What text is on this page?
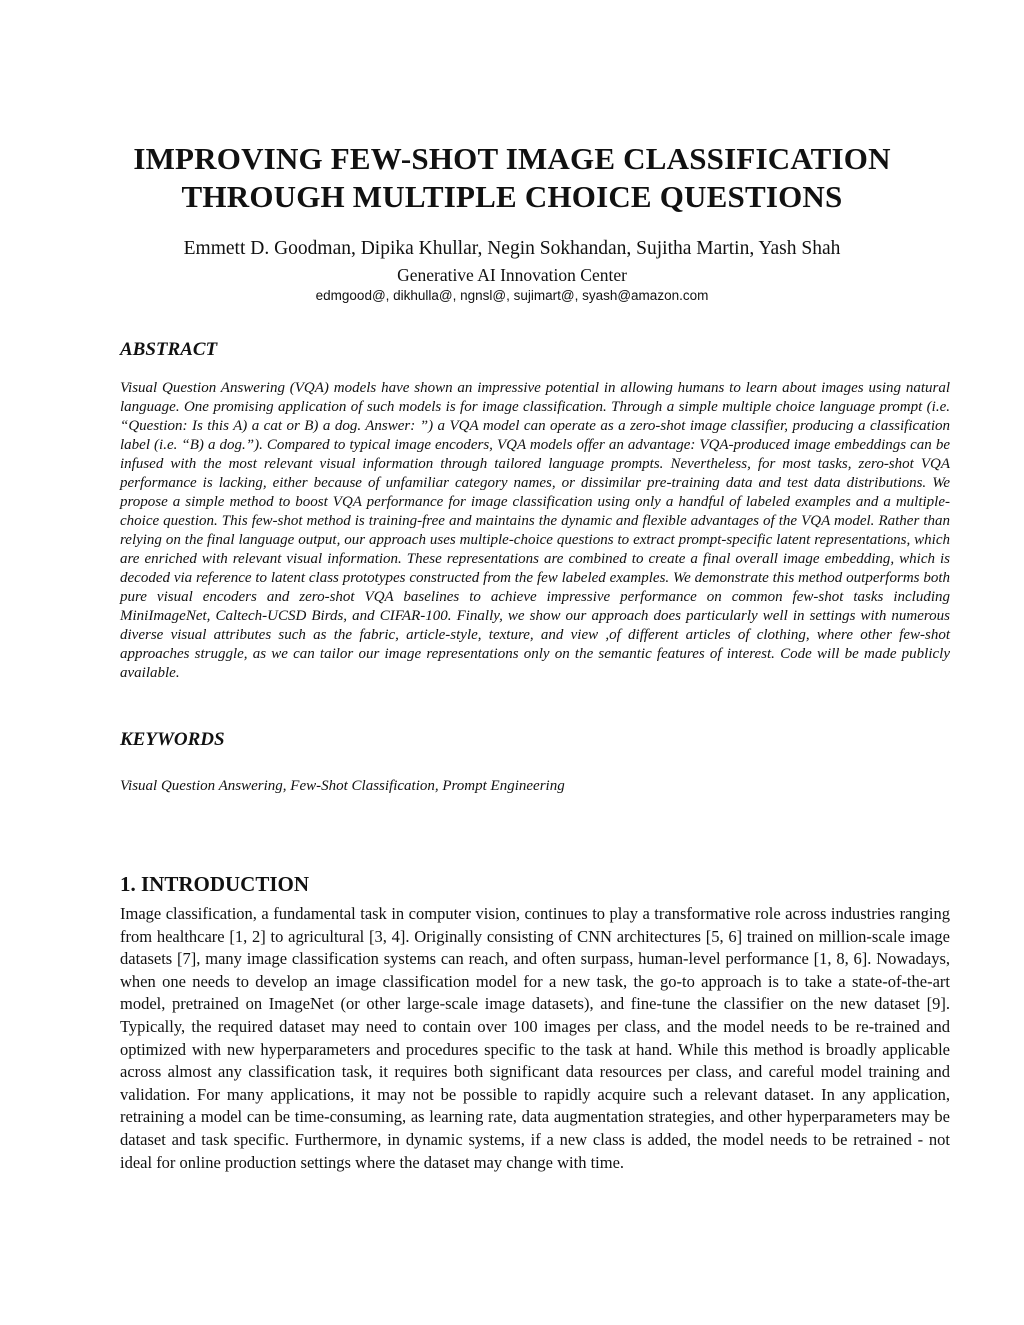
IMPROVING FEW-SHOT IMAGE CLASSIFICATION THROUGH MULTIPLE CHOICE QUESTIONS
Emmett D. Goodman, Dipika Khullar, Negin Sokhandan, Sujitha Martin, Yash Shah
Generative AI Innovation Center
edmgood@, dikhulla@, ngnsl@, sujimart@, syash@amazon.com
ABSTRACT
Visual Question Answering (VQA) models have shown an impressive potential in allowing humans to learn about images using natural language. One promising application of such models is for image classification. Through a simple multiple choice language prompt (i.e. “Question: Is this A) a cat or B) a dog. Answer: ”) a VQA model can operate as a zero-shot image classifier, producing a classification label (i.e. “B) a dog.”). Compared to typical image encoders, VQA models offer an advantage: VQA-produced image embeddings can be infused with the most relevant visual information through tailored language prompts. Nevertheless, for most tasks, zero-shot VQA performance is lacking, either because of unfamiliar category names, or dissimilar pre-training data and test data distributions. We propose a simple method to boost VQA performance for image classification using only a handful of labeled examples and a multiple-choice question. This few-shot method is training-free and maintains the dynamic and flexible advantages of the VQA model. Rather than relying on the final language output, our approach uses multiple-choice questions to extract prompt-specific latent representations, which are enriched with relevant visual information. These representations are combined to create a final overall image embedding, which is decoded via reference to latent class prototypes constructed from the few labeled examples. We demonstrate this method outperforms both pure visual encoders and zero-shot VQA baselines to achieve impressive performance on common few-shot tasks including MiniImageNet, Caltech-UCSD Birds, and CIFAR-100. Finally, we show our approach does particularly well in settings with numerous diverse visual attributes such as the fabric, article-style, texture, and view ,of different articles of clothing, where other few-shot approaches struggle, as we can tailor our image representations only on the semantic features of interest. Code will be made publicly available.
KEYWORDS
Visual Question Answering, Few-Shot Classification, Prompt Engineering
1. INTRODUCTION
Image classification, a fundamental task in computer vision, continues to play a transformative role across industries ranging from healthcare [1, 2] to agricultural [3, 4]. Originally consisting of CNN architectures [5, 6] trained on million-scale image datasets [7], many image classification systems can reach, and often surpass, human-level performance [1, 8, 6]. Nowadays, when one needs to develop an image classification model for a new task, the go-to approach is to take a state-of-the-art model, pretrained on ImageNet (or other large-scale image datasets), and fine-tune the classifier on the new dataset [9]. Typically, the required dataset may need to contain over 100 images per class, and the model needs to be re-trained and optimized with new hyperparameters and procedures specific to the task at hand. While this method is broadly applicable across almost any classification task, it requires both significant data resources per class, and careful model training and validation. For many applications, it may not be possible to rapidly acquire such a relevant dataset. In any application, retraining a model can be time-consuming, as learning rate, data augmentation strategies, and other hyperparameters may be dataset and task specific. Furthermore, in dynamic systems, if a new class is added, the model needs to be retrained - not ideal for online production settings where the dataset may change with time.
